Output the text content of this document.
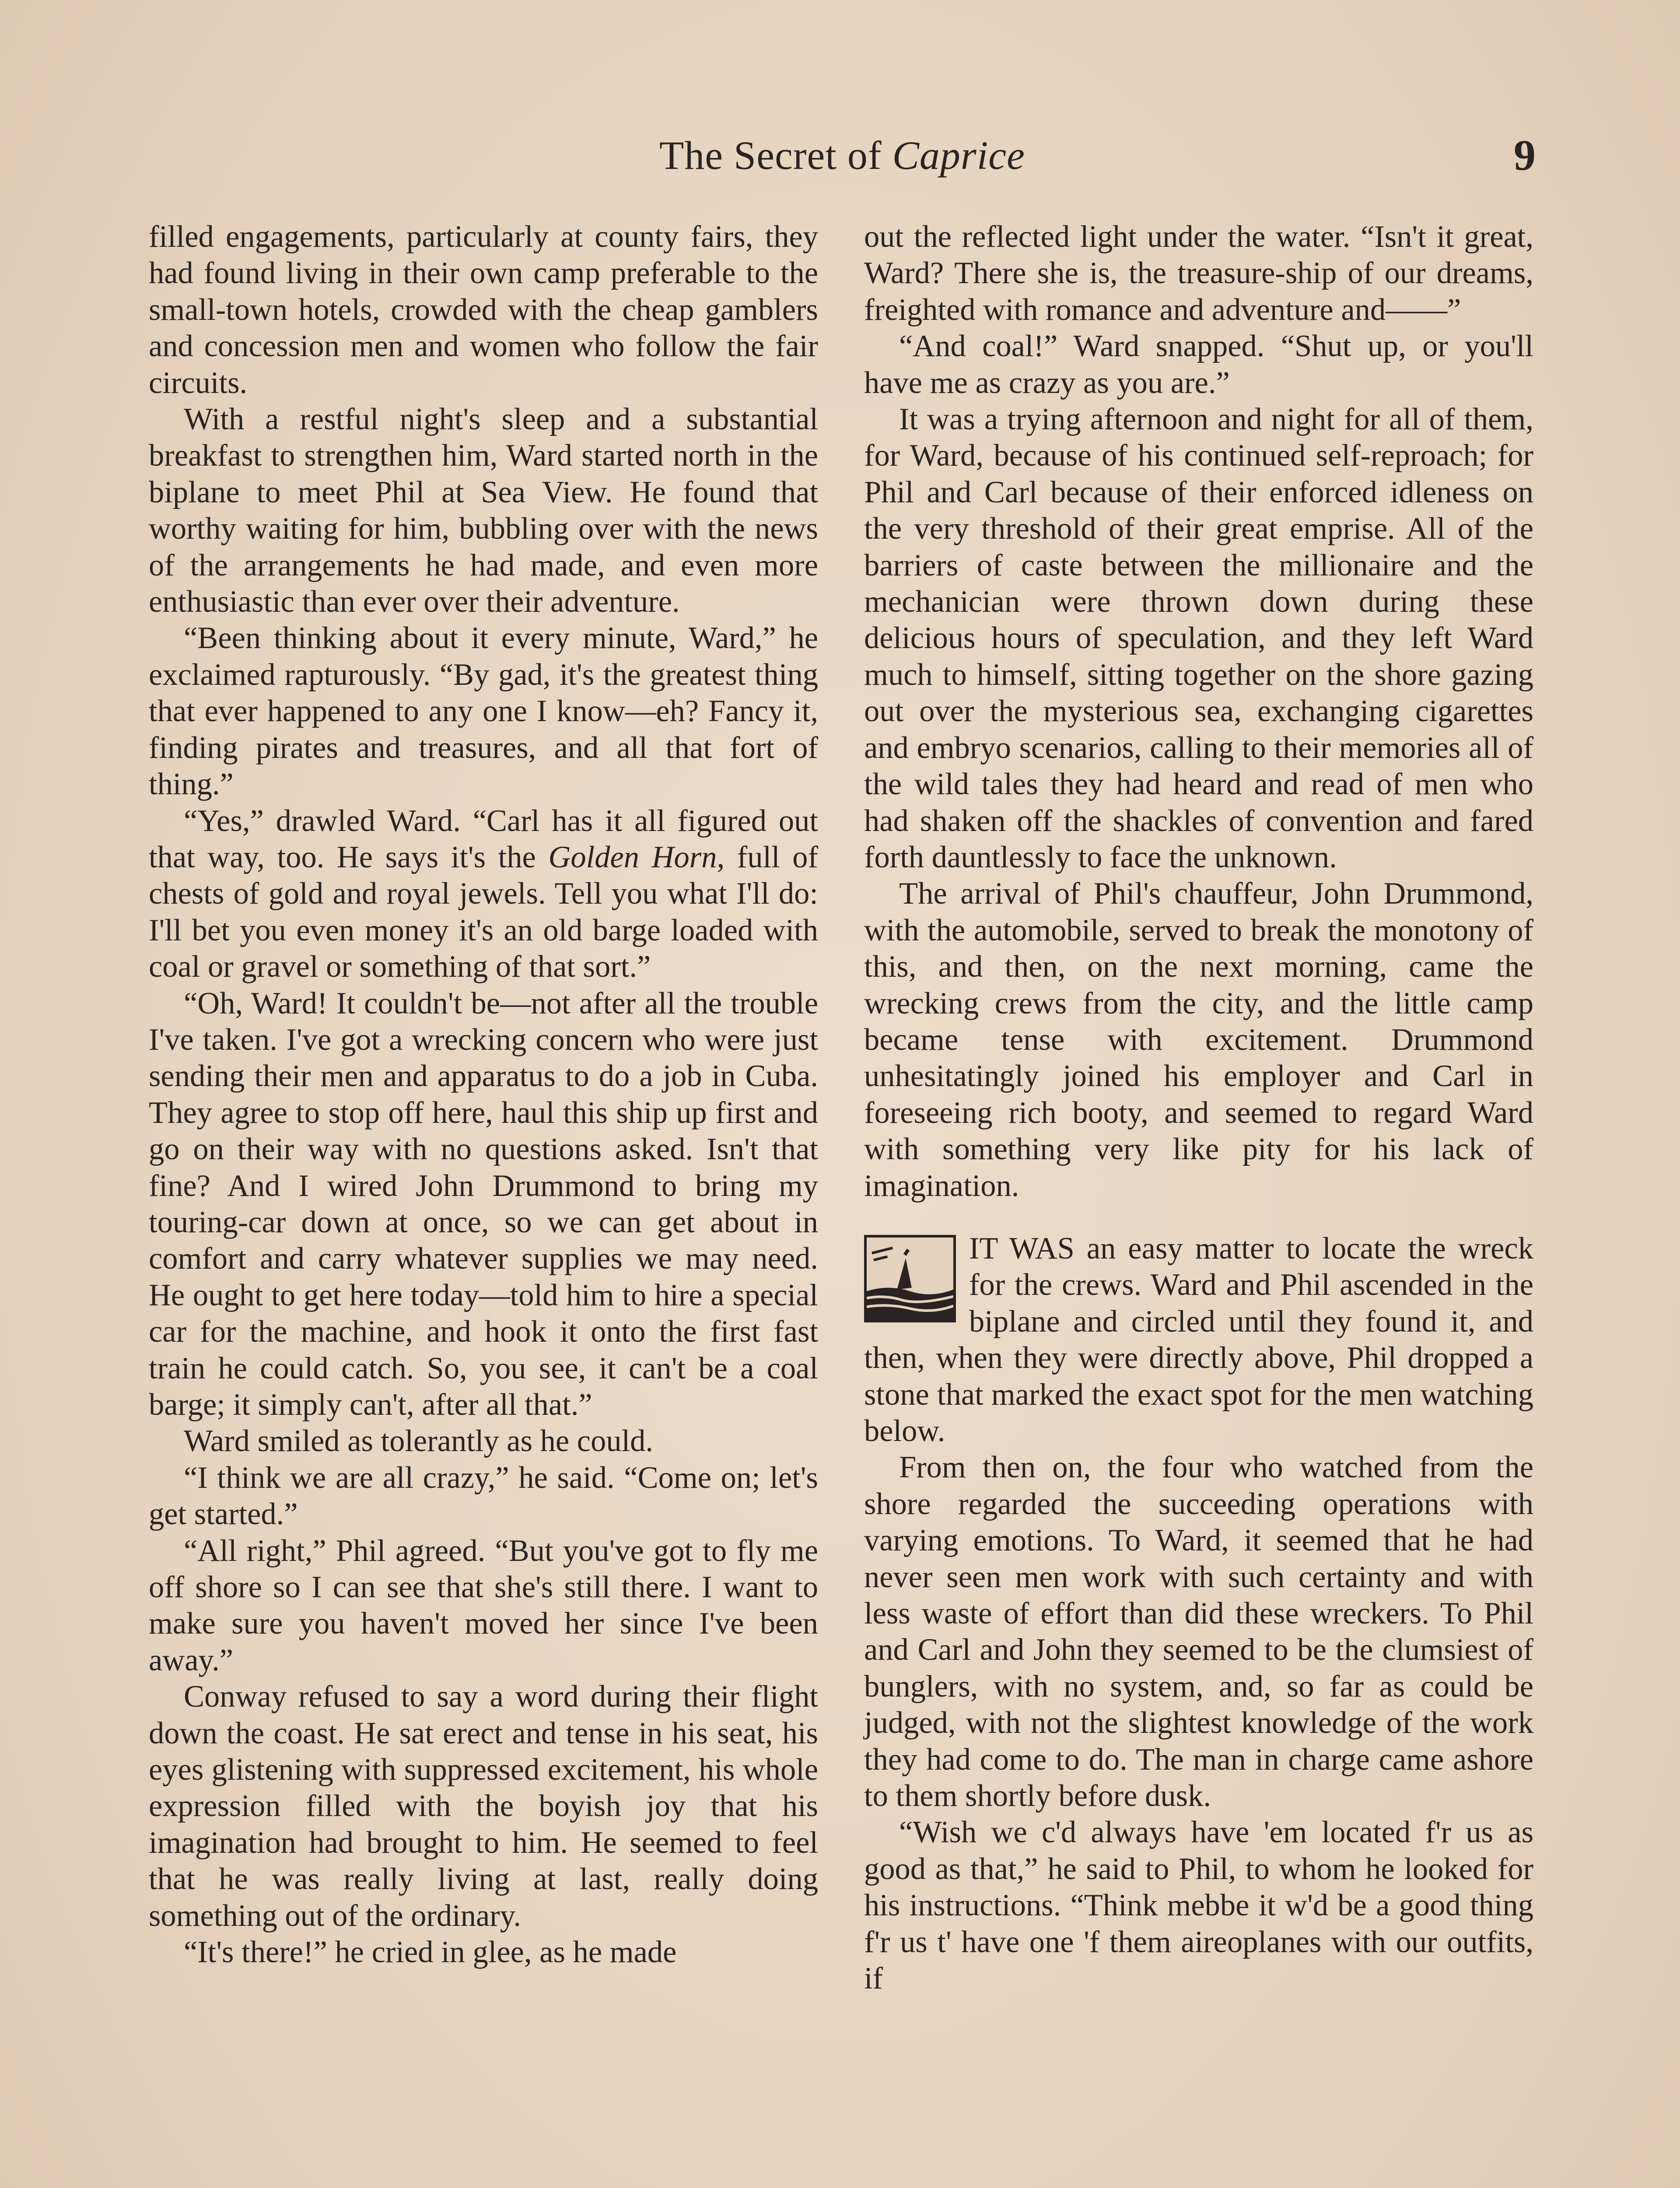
The Secret of Caprice	9

filled engagements, particularly at county fairs, they had found living in their own camp preferable to the small-town hotels, crowded with the cheap gamblers and concession men and women who follow the fair circuits.

With a restful night's sleep and a substantial breakfast to strengthen him, Ward started north in the biplane to meet Phil at Sea View. He found that worthy waiting for him, bubbling over with the news of the arrangements he had made, and even more enthusiastic than ever over their adventure.

“Been thinking about it every minute, Ward,” he exclaimed rapturously. “By gad, it's the greatest thing that ever happened to any one I know—eh? Fancy it, finding pirates and treasures, and all that fort of thing.”

“Yes,” drawled Ward. “Carl has it all figured out that way, too. He says it's the Golden Horn, full of chests of gold and royal jewels. Tell you what I'll do: I'll bet you even money it's an old barge loaded with coal or gravel or something of that sort.”

“Oh, Ward! It couldn't be—not after all the trouble I've taken. I've got a wrecking concern who were just sending their men and apparatus to do a job in Cuba. They agree to stop off here, haul this ship up first and go on their way with no questions asked. Isn't that fine? And I wired John Drummond to bring my touring-car down at once, so we can get about in comfort and carry whatever supplies we may need. He ought to get here today—told him to hire a special car for the machine, and hook it onto the first fast train he could catch. So, you see, it can't be a coal barge; it simply can't, after all that.”

Ward smiled as tolerantly as he could.

“I think we are all crazy,” he said. “Come on; let's get started.”

“All right,” Phil agreed. “But you've got to fly me off shore so I can see that she's still there. I want to make sure you haven't moved her since I've been away.”

Conway refused to say a word during their flight down the coast. He sat erect and tense in his seat, his eyes glistening with suppressed excitement, his whole expression filled with the boyish joy that his imagination had brought to him. He seemed to feel that he was really living at last, really doing something out of the ordinary.

“It's there!” he cried in glee, as he made

out the reflected light under the water. “Isn't it great, Ward? There she is, the treasure-ship of our dreams, freighted with romance and adventure and——”

“And coal!” Ward snapped. “Shut up, or you'll have me as crazy as you are.”

It was a trying afternoon and night for all of them, for Ward, because of his continued self-reproach; for Phil and Carl because of their enforced idleness on the very threshold of their great emprise. All of the barriers of caste between the millionaire and the mechanician were thrown down during these delicious hours of speculation, and they left Ward much to himself, sitting together on the shore gazing out over the mysterious sea, exchanging cigarettes and embryo scenarios, calling to their memories all of the wild tales they had heard and read of men who had shaken off the shackles of convention and fared forth dauntlessly to face the unknown.

The arrival of Phil's chauffeur, John Drummond, with the automobile, served to break the monotony of this, and then, on the next morning, came the wrecking crews from the city, and the little camp became tense with excitement. Drummond unhesitatingly joined his employer and Carl in foreseeing rich booty, and seemed to regard Ward with something very like pity for his lack of imagination.

IT WAS an easy matter to locate the wreck for the crews. Ward and Phil ascended in the biplane and circled until they found it, and then, when they were directly above, Phil dropped a stone that marked the exact spot for the men watching below.

From then on, the four who watched from the shore regarded the succeeding operations with varying emotions. To Ward, it seemed that he had never seen men work with such certainty and with less waste of effort than did these wreckers. To Phil and Carl and John they seemed to be the clumsiest of bunglers, with no system, and, so far as could be judged, with not the slightest knowledge of the work they had come to do. The man in charge came ashore to them shortly before dusk.

“Wish we c'd always have 'em located f'r us as good as that,” he said to Phil, to whom he looked for his instructions. “Think mebbe it w'd be a good thing f'r us t' have one 'f them aireoplanes with our outfits, if
